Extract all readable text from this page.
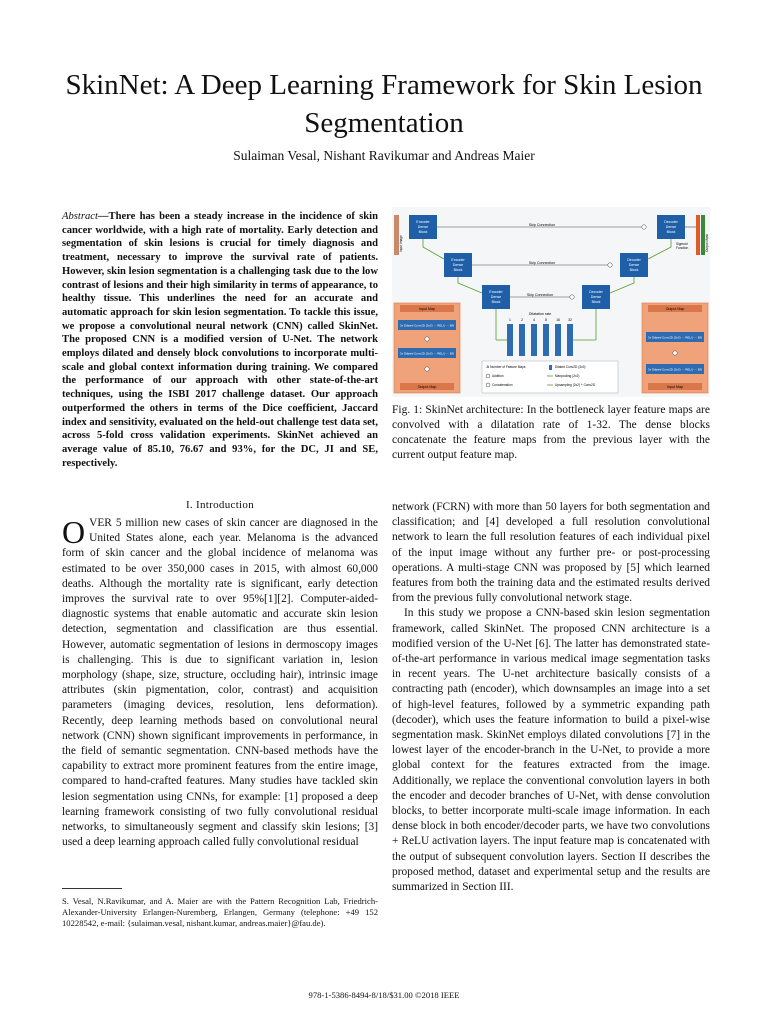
SkinNet: A Deep Learning Framework for Skin Lesion Segmentation
Sulaiman Vesal, Nishant Ravikumar and Andreas Maier
Abstract—There has been a steady increase in the incidence of skin cancer worldwide, with a high rate of mortality. Early detection and segmentation of skin lesions is crucial for timely diagnosis and treatment, necessary to improve the survival rate of patients. However, skin lesion segmentation is a challenging task due to the low contrast of lesions and their high similarity in terms of appearance, to healthy tissue. This underlines the need for an accurate and automatic approach for skin lesion segmentation. To tackle this issue, we propose a convolutional neural network (CNN) called SkinNet. The proposed CNN is a modified version of U-Net. The network employs dilated and densely block convolutions to incorporate multi-scale and global context information during training. We compared the performance of our approach with other state-of-the-art techniques, using the ISBI 2017 challenge dataset. Our approach outperformed the others in terms of the Dice coefficient, Jaccard index and sensitivity, evaluated on the held-out challenge test data set, across 5-fold cross validation experiments. SkinNet achieved an average value of 85.10, 76.67 and 93%, for the DC, JI and SE, respectively.
Input Image	Output Mask
Encoder
Dense
Block
Encoder
Dense
Block
Encoder
Dense
Block
Decoder
Dense
Block
Decoder
Dense
Block
Decoder
Dense
Block
Skip Connection
Skip Connection
Skip Connection
Sigmoid
Function
Dilatation rate
1	2	4	8	16 32
Input Map
3x Dilated Conv2D (3x3) → RELU → BN
3x Dilated Conv2D (3x3) → RELU → BN
Output Map
Output Map
3x Dilated Conv2D (3x3) → RELU → BN
3x Dilated Conv2D (3x3) → RELU → BN
Input Map
Jk Number of Feature Maps
Addition
Concatenation
Dilated Conv2D (3x3)
Maxpooling (2x2)
Upsampling (2x2) + Conv2D
Fig. 1: SkinNet architecture: In the bottleneck layer feature maps are convolved with a dilatation rate of 1-32. The dense blocks concatenate the feature maps from the previous layer with the current output feature map.
I. Introduction

OVER 5 million new cases of skin cancer are diagnosed in the United States alone, each year. Melanoma is the advanced form of skin cancer and the global incidence of melanoma was estimated to be over 350,000 cases in 2015, with almost 60,000 deaths. Although the mortality rate is significant, early detection improves the survival rate to over 95%[1][2]. Computer-aided-diagnostic systems that enable automatic and accurate skin lesion detection, segmentation and classification are thus essential. However, automatic segmentation of lesions in dermoscopy images is challenging. This is due to significant variation in, lesion morphology (shape, size, structure, occluding hair), intrinsic image attributes (skin pigmentation, color, contrast) and acquisition parameters (imaging devices, resolution, lens deformation). Recently, deep learning methods based on convolutional neural network (CNN) shown significant improvements in performance, in the field of semantic segmentation. CNN-based methods have the capability to extract more prominent features from the entire image, compared to hand-crafted features. Many studies have tackled skin lesion segmentation using CNNs, for example: [1] proposed a deep learning framework consisting of two fully convolutional residual networks, to simultaneously segment and classify skin lesions; [3] used a deep learning approach called fully convolutional residual

network (FCRN) with more than 50 layers for both segmentation and classification; and [4] developed a full resolution convolutional network to learn the full resolution features of each individual pixel of the input image without any further pre- or post-processing operations. A multi-stage CNN was proposed by [5] which learned features from both the training data and the estimated results derived from the previous fully convolutional network stage.

In this study we propose a CNN-based skin lesion segmentation framework, called SkinNet. The proposed CNN architecture is a modified version of the U-Net [6]. The latter has demonstrated state-of-the-art performance in various medical image segmentation tasks in recent years. The U-net architecture basically consists of a contracting path (encoder), which downsamples an image into a set of high-level features, followed by a symmetric expanding path (decoder), which uses the feature information to build a pixel-wise segmentation mask. SkinNet employs dilated convolutions [7] in the lowest layer of the encoder-branch in the U-Net, to provide a more global context for the features extracted from the image. Additionally, we replace the conventional convolution layers in both the encoder and decoder branches of U-Net, with dense convolution blocks, to better incorporate multi-scale image information. In each dense block in both encoder/decoder parts, we have two convolutions + ReLU activation layers. The input feature map is concatenated with the output of subsequent convolution layers. Section II describes the proposed method, dataset and experimental setup and the results are summarized in Section III.

S. Vesal, N.Ravikumar, and A. Maier are with the Pattern Recognition Lab, Friedrich-Alexander-University Erlangen-Nuremberg, Erlangen, Germany (telephone: +49 152 10228542, e-mail: {sulaiman.vesal, nishant.kumar, andreas.maier}@fau.de).
978-1-5386-8494-8/18/$31.00 ©2018 IEEE
